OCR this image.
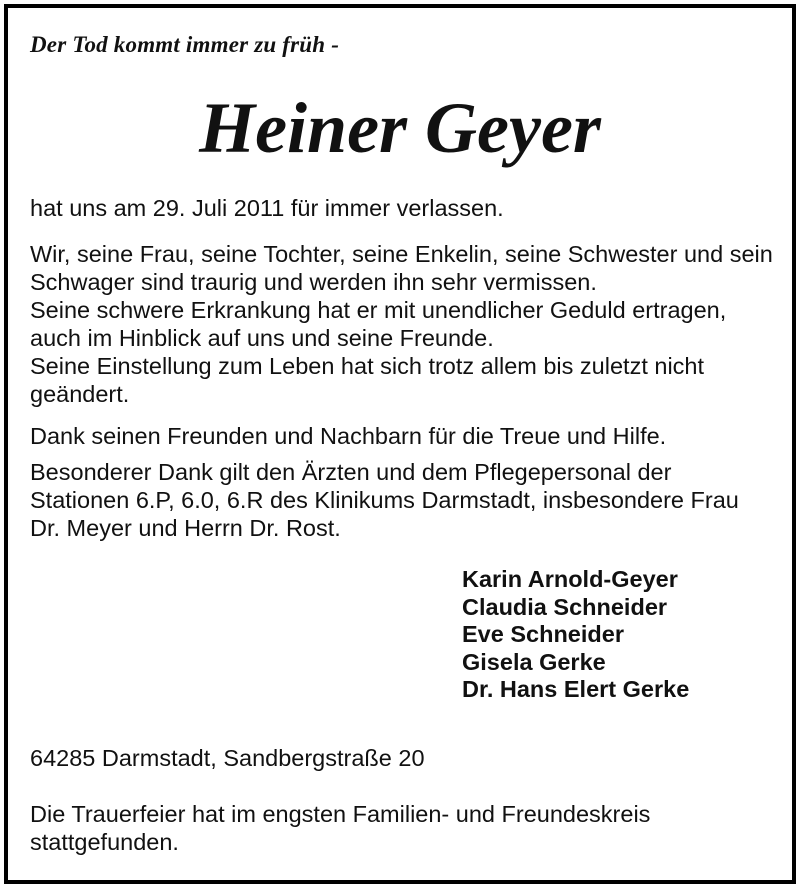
Der Tod kommt immer zu früh -
Heiner Geyer

hat uns am 29. Juli 2011 für immer verlassen.

Wir, seine Frau, seine Tochter, seine Enkelin, seine Schwester und sein Schwager sind traurig und werden ihn sehr vermissen.

Seine schwere Erkrankung hat er mit unendlicher Geduld ertragen, auch im Hinblick auf uns und seine Freunde.

Seine Einstellung zum Leben hat sich trotz allem bis zuletzt nicht geändert.

Dank seinen Freunden und Nachbarn für die Treue und Hilfe.

Besonderer Dank gilt den Ärzten und dem Pflegepersonal der Stationen 6.P, 6.0, 6.R des Klinikums Darmstadt, insbesondere Frau Dr. Meyer und Herrn Dr. Rost.

Karin Arnold-Geyer
Claudia Schneider
Eve Schneider
Gisela Gerke
Dr. Hans Elert Gerke

64285 Darmstadt, Sandbergstraße 20

Die Trauerfeier hat im engsten Familien- und Freundeskreis stattgefunden.
